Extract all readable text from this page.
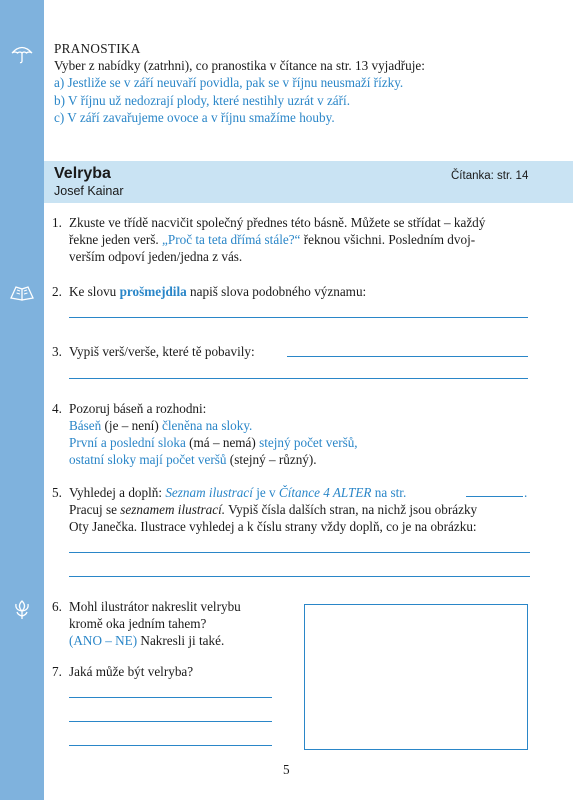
PRANOSTIKA
Vyber z nabídky (zatrhni), co pranostika v čítance na str. 13 vyjadřuje:
a) Jestliže se v září neuvaří povidla, pak se v říjnu neusmaží řízky.
b) V říjnu už nedozrají plody, které nestihly uzrát v září.
c) V září zavařujeme ovoce a v říjnu smažíme houby.
Velryba
Josef Kainar
Čítanka: str. 14
1. Zkuste ve třídě nacvičit společný přednes této básně. Můžete se střídat – každý
řekne jeden verš. „Proč ta teta dřímá stále?“ řeknou všichni. Posledním dvoj-
verším odpoví jeden/jedna z vás.
2. Ke slovu prošmejdila napiš slova podobného významu:
3. Vypiš verš/verše, které tě pobavily:
4. Pozoruj báseň a rozhodni:
Báseň (je – není) členěna na sloky.
První a poslední sloka (má – nemá) stejný počet veršů,
ostatní sloky mají počet veršů (stejný – různý).
5. Vyhledej a doplň: Seznam ilustrací je v Čítance 4 ALTER na str.	.
Pracuj se seznamem ilustrací. Vypiš čísla dalších stran, na nichž jsou obrázky
Oty Janečka. Ilustrace vyhledej a k číslu strany vždy doplň, co je na obrázku:
6. Mohl ilustrátor nakreslit velrybu
kromě oka jedním tahem?
(ANO – NE) Nakresli ji také.
7. Jaká může být velryba?
5
